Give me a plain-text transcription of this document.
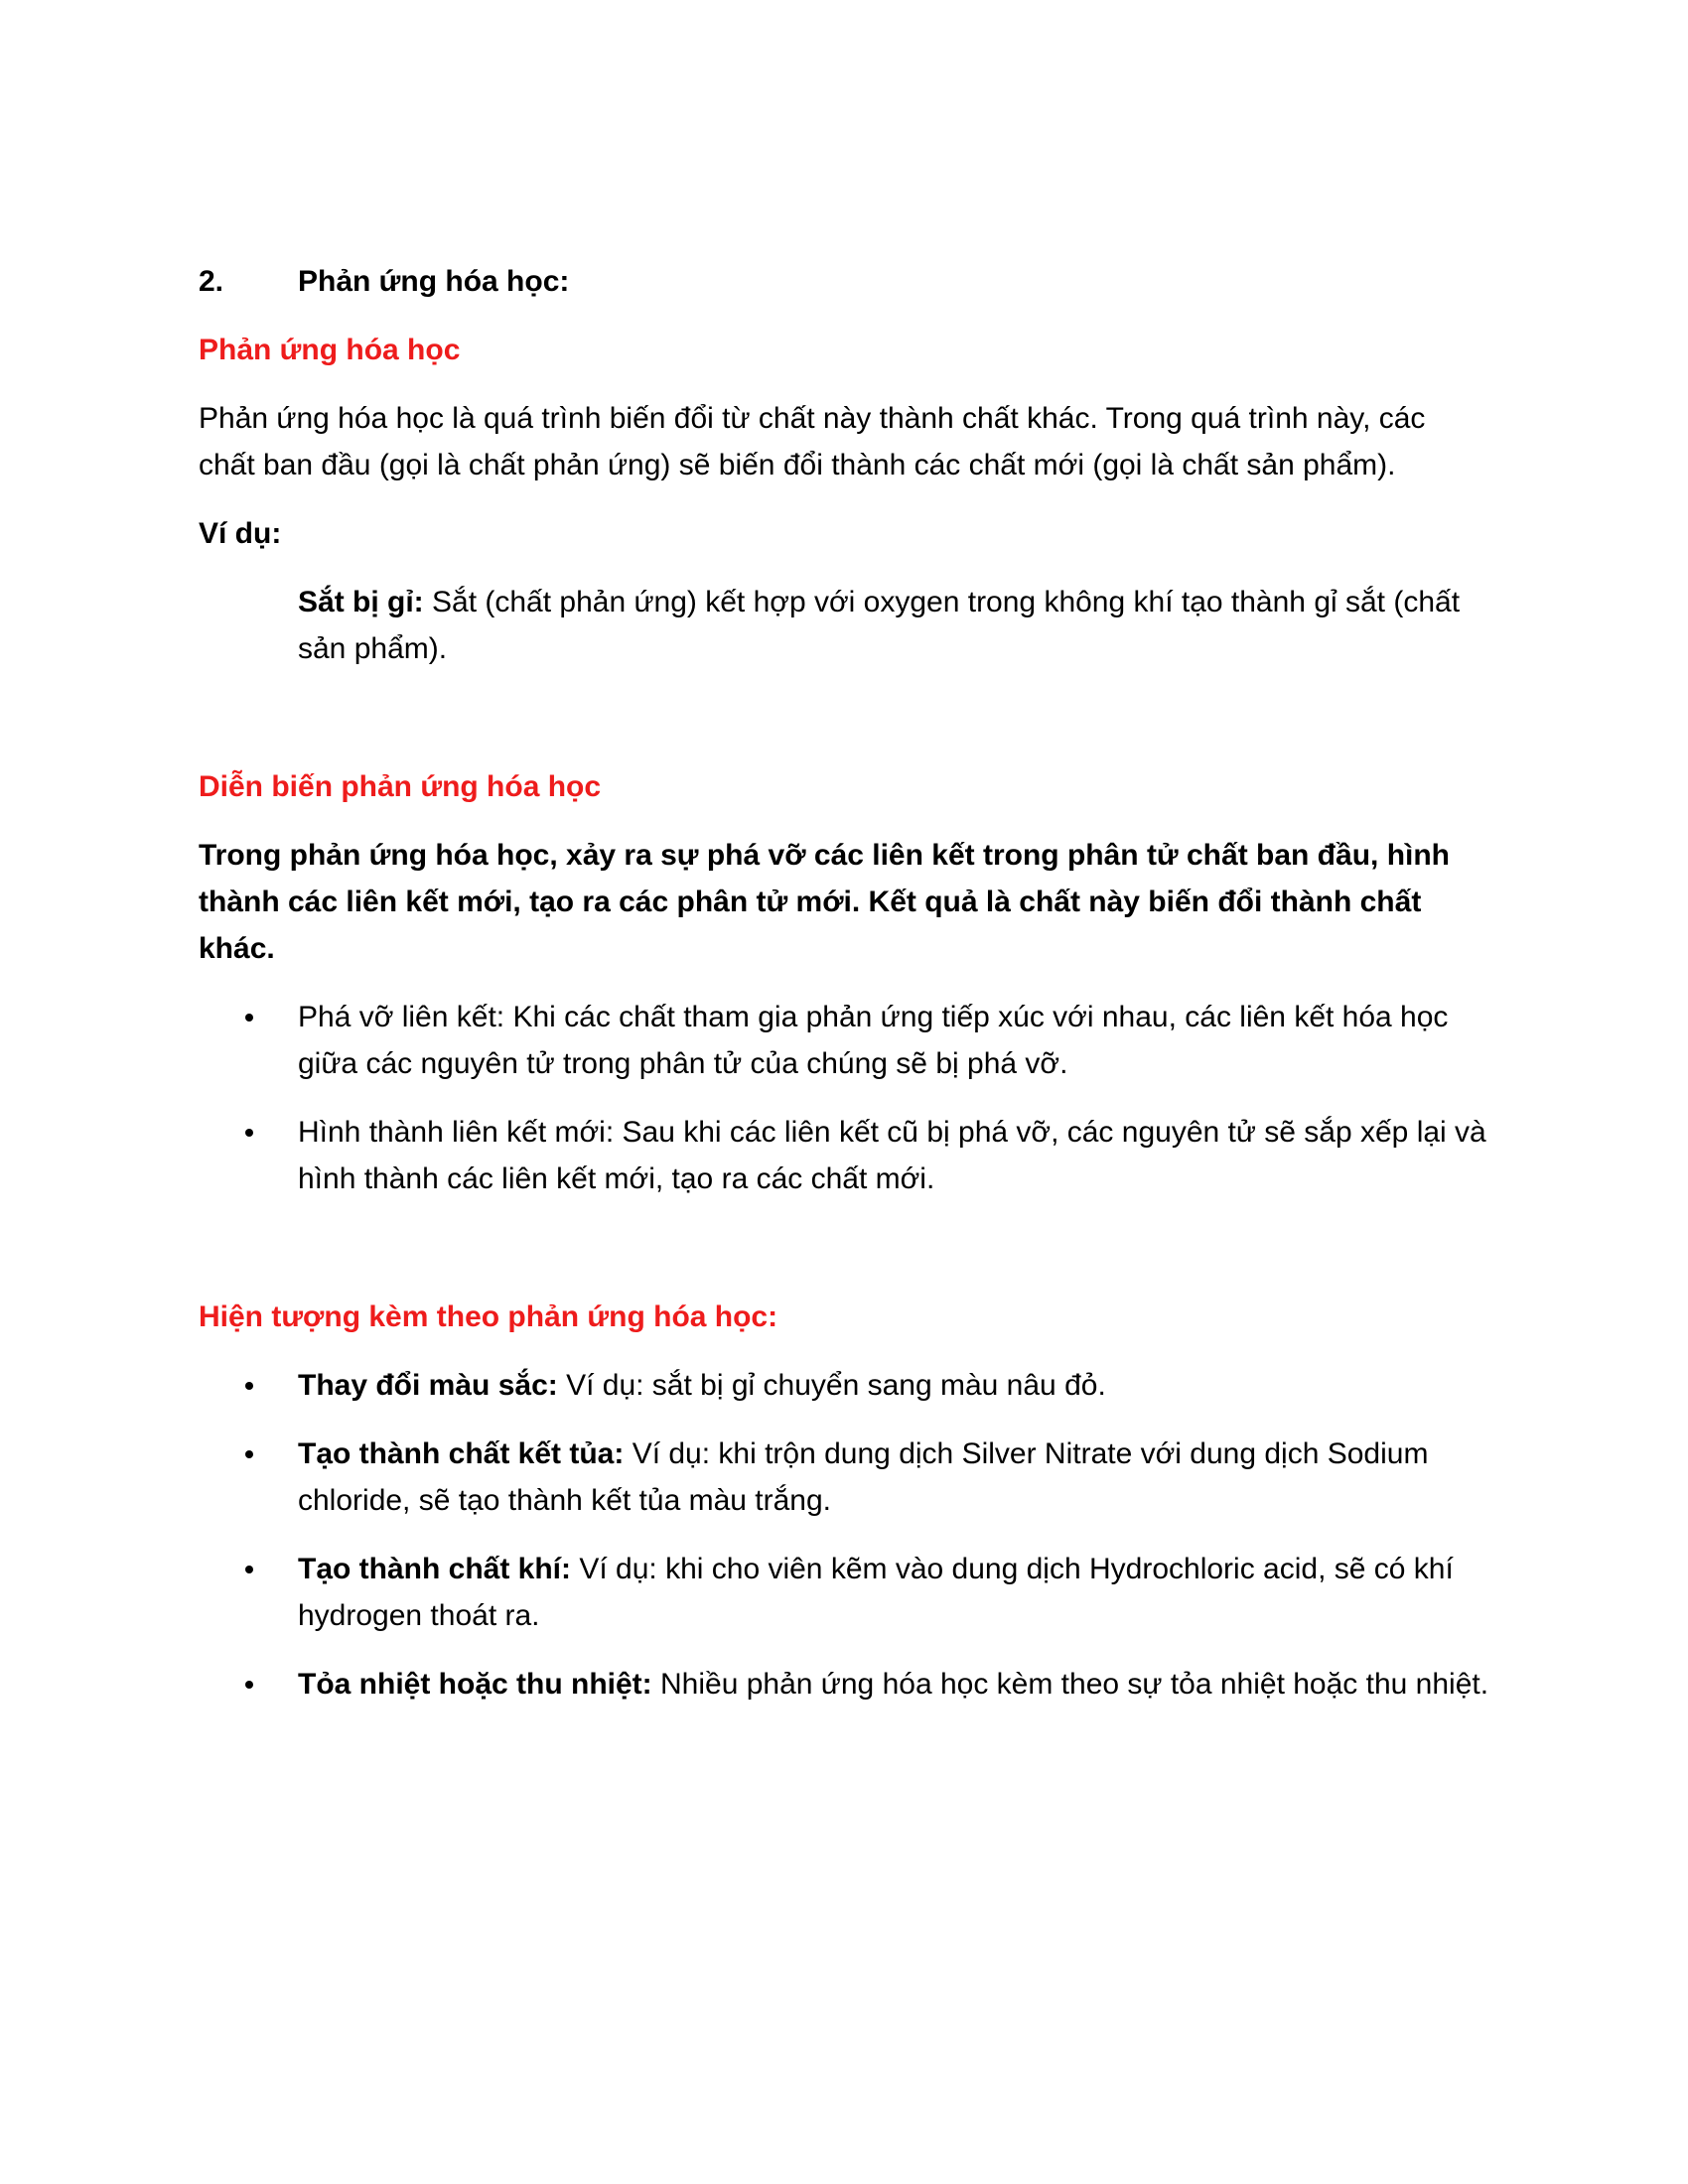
2.	Phản ứng hóa học:
Phản ứng hóa học
Phản ứng hóa học là quá trình biến đổi từ chất này thành chất khác. Trong quá trình này, các chất ban đầu (gọi là chất phản ứng) sẽ biến đổi thành các chất mới (gọi là chất sản phẩm).
Ví dụ:
Sắt bị gỉ: Sắt (chất phản ứng) kết hợp với oxygen trong không khí tạo thành gỉ sắt (chất sản phẩm).
Diễn biến phản ứng hóa học
Trong phản ứng hóa học, xảy ra sự phá vỡ các liên kết trong phân tử chất ban đầu, hình thành các liên kết mới, tạo ra các phân tử mới. Kết quả là chất này biến đổi thành chất khác.
Phá vỡ liên kết: Khi các chất tham gia phản ứng tiếp xúc với nhau, các liên kết hóa học giữa các nguyên tử trong phân tử của chúng sẽ bị phá vỡ.
Hình thành liên kết mới: Sau khi các liên kết cũ bị phá vỡ, các nguyên tử sẽ sắp xếp lại và hình thành các liên kết mới, tạo ra các chất mới.
Hiện tượng kèm theo phản ứng hóa học:
Thay đổi màu sắc: Ví dụ: sắt bị gỉ chuyển sang màu nâu đỏ.
Tạo thành chất kết tủa: Ví dụ: khi trộn dung dịch Silver Nitrate với dung dịch Sodium chloride, sẽ tạo thành kết tủa màu trắng.
Tạo thành chất khí: Ví dụ: khi cho viên kẽm vào dung dịch Hydrochloric acid, sẽ có khí hydrogen thoát ra.
Tỏa nhiệt hoặc thu nhiệt: Nhiều phản ứng hóa học kèm theo sự tỏa nhiệt hoặc thu nhiệt.
